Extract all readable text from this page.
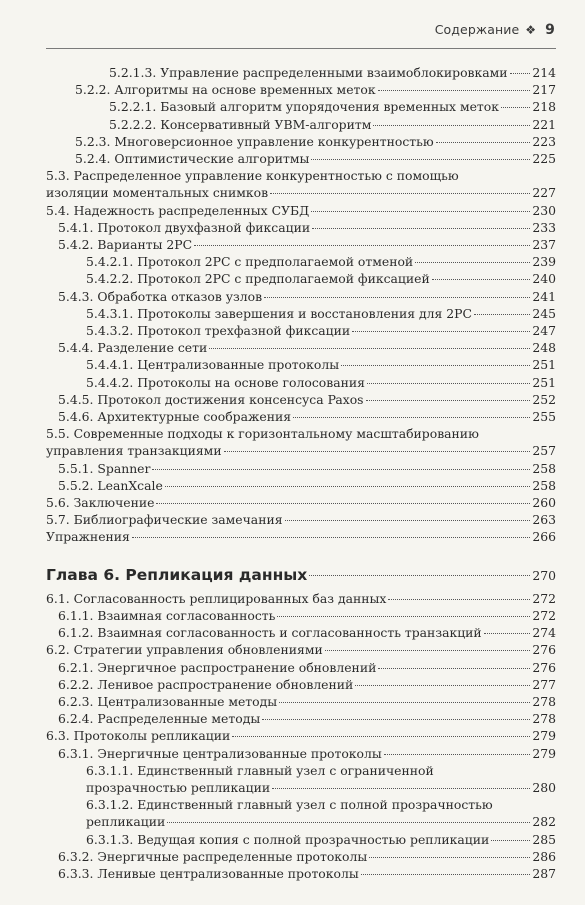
Содержание ❖ 9
5.2.1.3. Управление распределенными взаимоблокировками 214
5.2.2. Алгоритмы на основе временных меток	217
5.2.2.1. Базовый алгоритм упорядочения временных меток	218
5.2.2.2. Консервативный УВМ-алгоритм	221
5.2.3. Многоверсионное управление конкурентностью	223
5.2.4. Оптимистические алгоритмы	225
5.3. Распределенное управление конкурентностью с помощью
изоляции моментальных снимков	227
5.4. Надежность распределенных СУБД	230
5.4.1. Протокол двухфазной фиксации	233
5.4.2. Варианты 2PC	237
5.4.2.1. Протокол 2PC с предполагаемой отменой	239
5.4.2.2. Протокол 2PC с предполагаемой фиксацией	240
5.4.3. Обработка отказов узлов	241
5.4.3.1. Протоколы завершения и восстановления для 2PC	245
5.4.3.2. Протокол трехфазной фиксации	247
5.4.4. Разделение сети	248
5.4.4.1. Централизованные протоколы	251
5.4.4.2. Протоколы на основе голосования	251
5.4.5. Протокол достижения консенсуса Paxos	252
5.4.6. Архитектурные соображения	255
5.5. Современные подходы к горизонтальному масштабированию
управления транзакциями	257
5.5.1. Spanner	258
5.5.2. LeanXcale	258
5.6. Заключение	260
5.7. Библиографические замечания	263
Упражнения	266
Глава 6. Репликация данных	270
6.1. Согласованность реплицированных баз данных	272
6.1.1. Взаимная согласованность	272
6.1.2. Взаимная согласованность и согласованность транзакций	274
6.2. Стратегии управления обновлениями	276
6.2.1. Энергичное распространение обновлений	276
6.2.2. Ленивое распространение обновлений	277
6.2.3. Централизованные методы	278
6.2.4. Распределенные методы	278
6.3. Протоколы репликации	279
6.3.1. Энергичные централизованные протоколы	279
6.3.1.1. Единственный главный узел с ограниченной
прозрачностью репликации	280
6.3.1.2. Единственный главный узел с полной прозрачностью
репликации	282
6.3.1.3. Ведущая копия с полной прозрачностью репликации	285
6.3.2. Энергичные распределенные протоколы	286
6.3.3. Ленивые централизованные протоколы	287
